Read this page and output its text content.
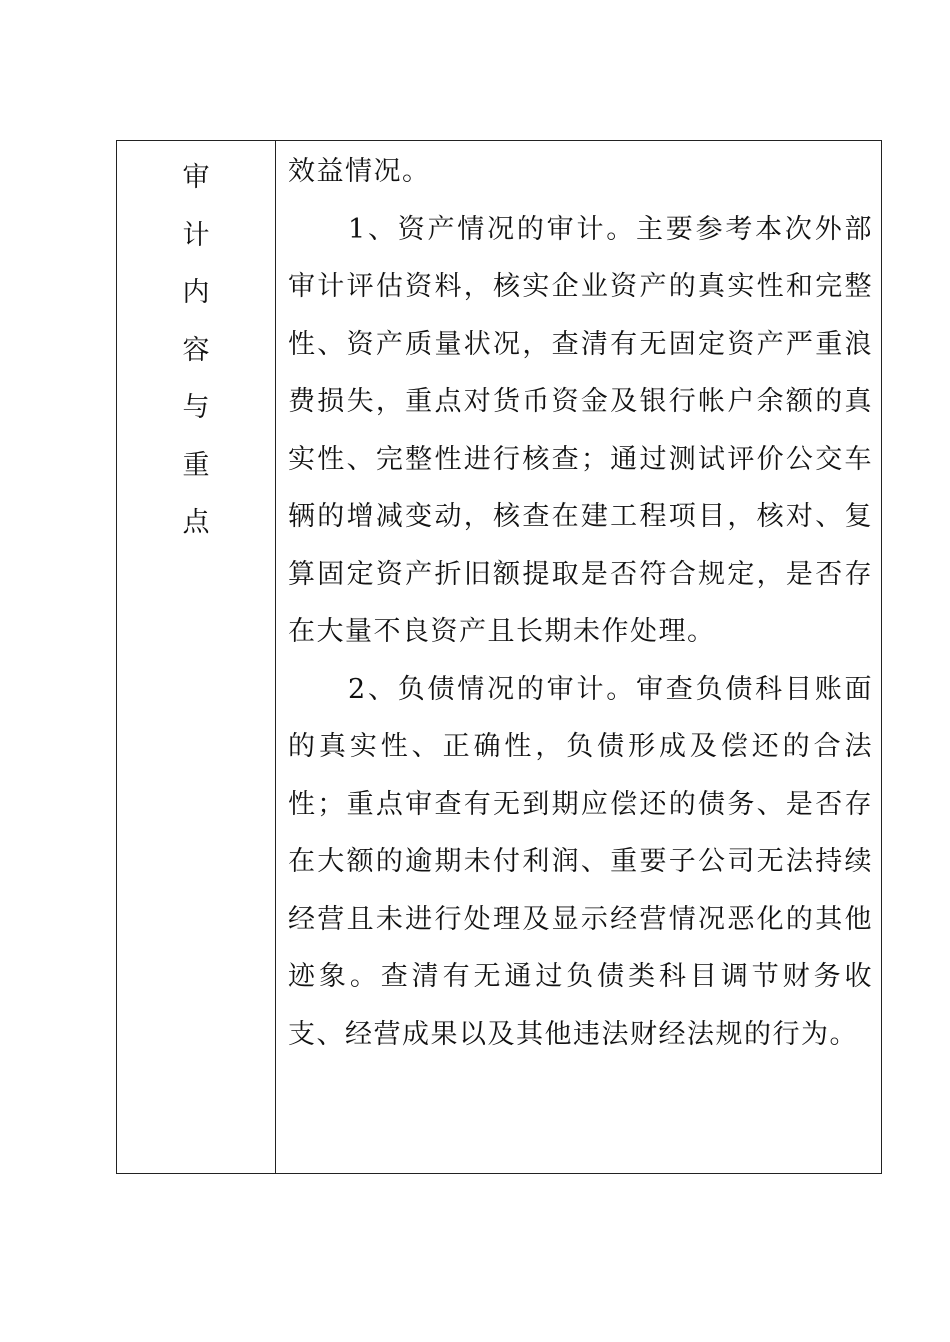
审
计
内
容
与
重
点

效益情况。

1、资产情况的审计。主要参考本次外部审计评估资料，核实企业资产的真实性和完整性、资产质量状况，查清有无固定资产严重浪费损失，重点对货币资金及银行帐户余额的真实性、完整性进行核查；通过测试评价公交车辆的增减变动，核查在建工程项目，核对、复算固定资产折旧额提取是否符合规定，是否存在大量不良资产且长期未作处理。

2、负债情况的审计。审查负债科目账面的真实性、正确性，负债形成及偿还的合法性；重点审查有无到期应偿还的债务、是否存在大额的逾期未付利润、重要子公司无法持续经营且未进行处理及显示经营情况恶化的其他迹象。查清有无通过负债类科目调节财务收支、经营成果以及其他违法财经法规的行为。
